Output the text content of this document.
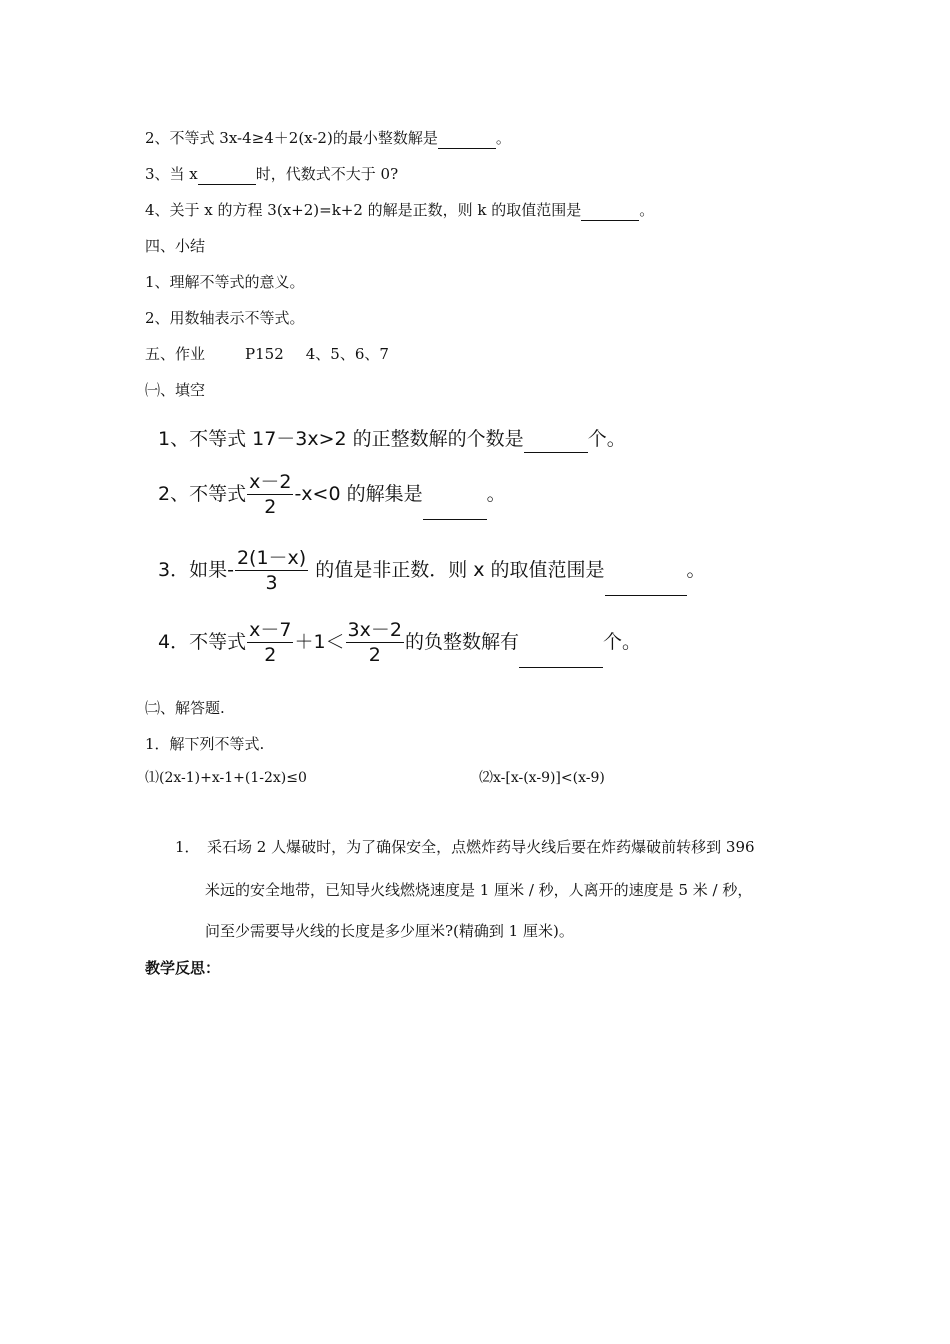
2、不等式 3x-4≥4＋2(x-2)的最小整数解是	。
3、当 x	时，代数式不大于 0?
4、关于 x 的方程 3(x+2)=k+2 的解是正数，则 k 的取值范围是	。
四、小结
1、理解不等式的意义。
2、用数轴表示不等式。
五、作业	P152 4、5、6、7
㈠、填空
1、不等式 17－3x>2 的正整数解的个数是	个。
2、不等式 $\frac{x-2}{2} -x<0$ 的解集是	。
3．如果- $\frac{2(1-x)}{3}$ 的值是非正数．则 x 的取值范围是	。
4．不等式 $\frac{x-7}{2} +1< \frac{3x-2}{2}$ 的负整数解有	个。
㈡、解答题.
1．解下列不等式.
⑴(2x-1)+x-1+(1-2x)≤0	⑵x-[x-(x-9)]<(x-9)
1．　采石场 2 人爆破时，为了确保安全，点燃炸药导火线后要在炸药爆破前转移到 396
米远的安全地带，已知导火线燃烧速度是 1 厘米 / 秒，人离开的速度是 5 米 / 秒，
问至少需要导火线的长度是多少厘米?(精确到 1 厘米)。
教学反思：
